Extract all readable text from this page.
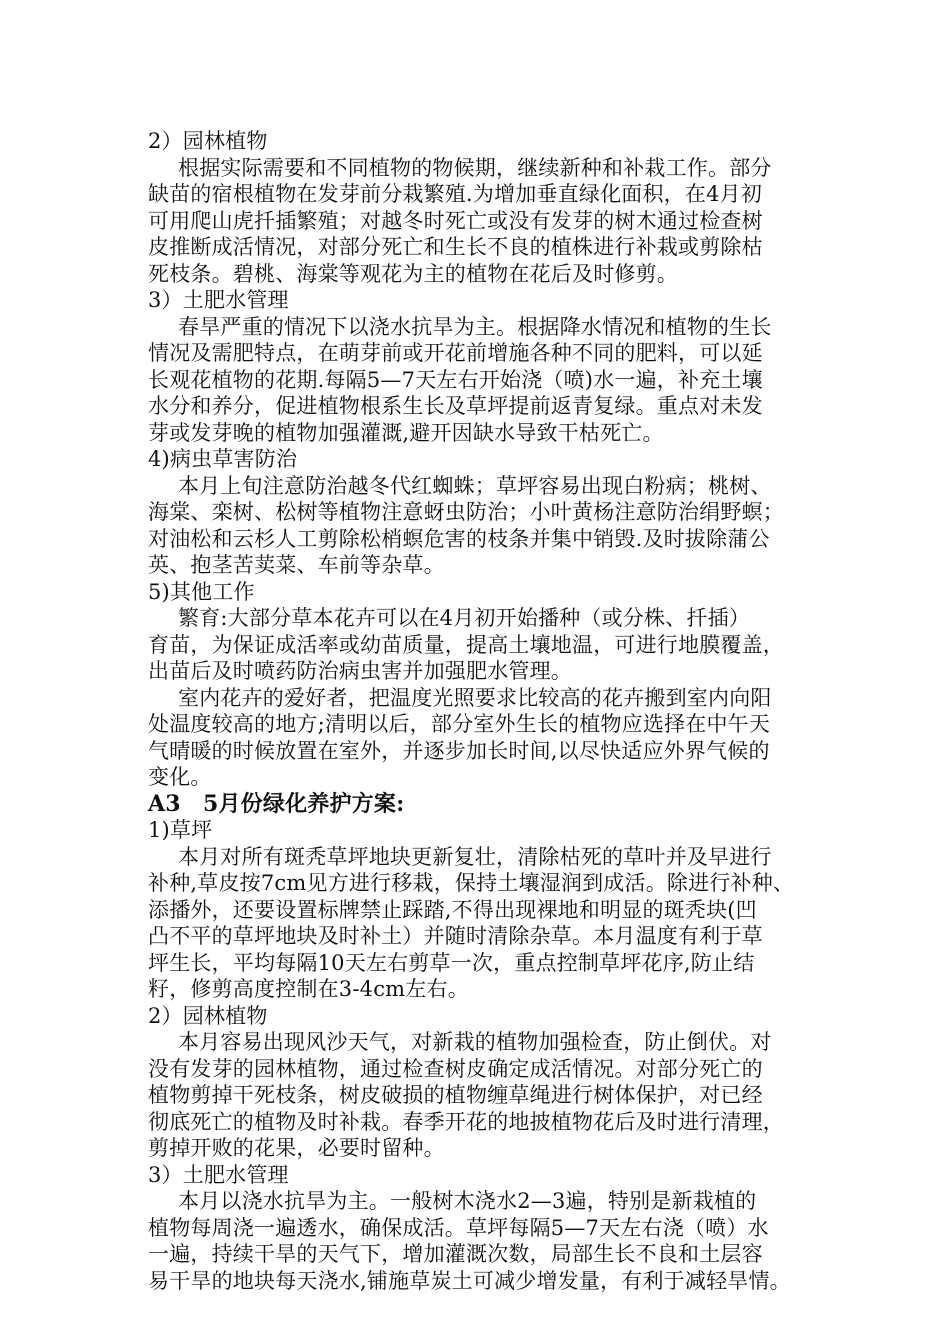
2）园林植物
根据实际需要和不同植物的物候期，继续新种和补栽工作。部分
缺苗的宿根植物在发芽前分栽繁殖.为增加垂直绿化面积，在4月初
可用爬山虎扦插繁殖；对越冬时死亡或没有发芽的树木通过检查树
皮推断成活情况，对部分死亡和生长不良的植株进行补栽或剪除枯
死枝条。碧桃、海棠等观花为主的植物在花后及时修剪。
3）土肥水管理
春旱严重的情况下以浇水抗旱为主。根据降水情况和植物的生长
情况及需肥特点，在萌芽前或开花前增施各种不同的肥料，可以延
长观花植物的花期.每隔5—7天左右开始浇（喷)水一遍，补充土壤
水分和养分，促进植物根系生长及草坪提前返青复绿。重点对未发
芽或发芽晚的植物加强灌溉,避开因缺水导致干枯死亡。
4)病虫草害防治
本月上旬注意防治越冬代红蜘蛛；草坪容易出现白粉病；桃树、
海棠、栾树、松树等植物注意蚜虫防治；小叶黄杨注意防治绢野螟；
对油松和云杉人工剪除松梢螟危害的枝条并集中销毁.及时拔除蒲公
英、抱茎苦荬菜、车前等杂草。
5)其他工作
繁育:大部分草本花卉可以在4月初开始播种（或分株、扦插）
育苗，为保证成活率或幼苗质量，提高土壤地温，可进行地膜覆盖，
出苗后及时喷药防治病虫害并加强肥水管理。
室内花卉的爱好者，把温度光照要求比较高的花卉搬到室内向阳
处温度较高的地方;清明以后，部分室外生长的植物应选择在中午天
气晴暖的时候放置在室外，并逐步加长时间,以尽快适应外界气候的
变化。
A3　5月份绿化养护方案:
1)草坪
本月对所有斑秃草坪地块更新复壮，清除枯死的草叶并及早进行
补种,草皮按7cm见方进行移栽，保持土壤湿润到成活。除进行补种、
添播外，还要设置标牌禁止踩踏,不得出现裸地和明显的斑秃块(凹
凸不平的草坪地块及时补土）并随时清除杂草。本月温度有利于草
坪生长，平均每隔10天左右剪草一次，重点控制草坪花序,防止结
籽，修剪高度控制在3-4cm左右。
2）园林植物
本月容易出现风沙天气，对新栽的植物加强检查，防止倒伏。对
没有发芽的园林植物，通过检查树皮确定成活情况。对部分死亡的
植物剪掉干死枝条，树皮破损的植物缠草绳进行树体保护，对已经
彻底死亡的植物及时补栽。春季开花的地披植物花后及时进行清理，
剪掉开败的花果，必要时留种。
3）土肥水管理
本月以浇水抗旱为主。一般树木浇水2—3遍，特别是新栽植的
植物每周浇一遍透水，确保成活。草坪每隔5—7天左右浇（喷）水
一遍，持续干旱的天气下，增加灌溉次数，局部生长不良和土层容
易干旱的地块每天浇水,铺施草炭土可减少增发量，有利于减轻旱情。
